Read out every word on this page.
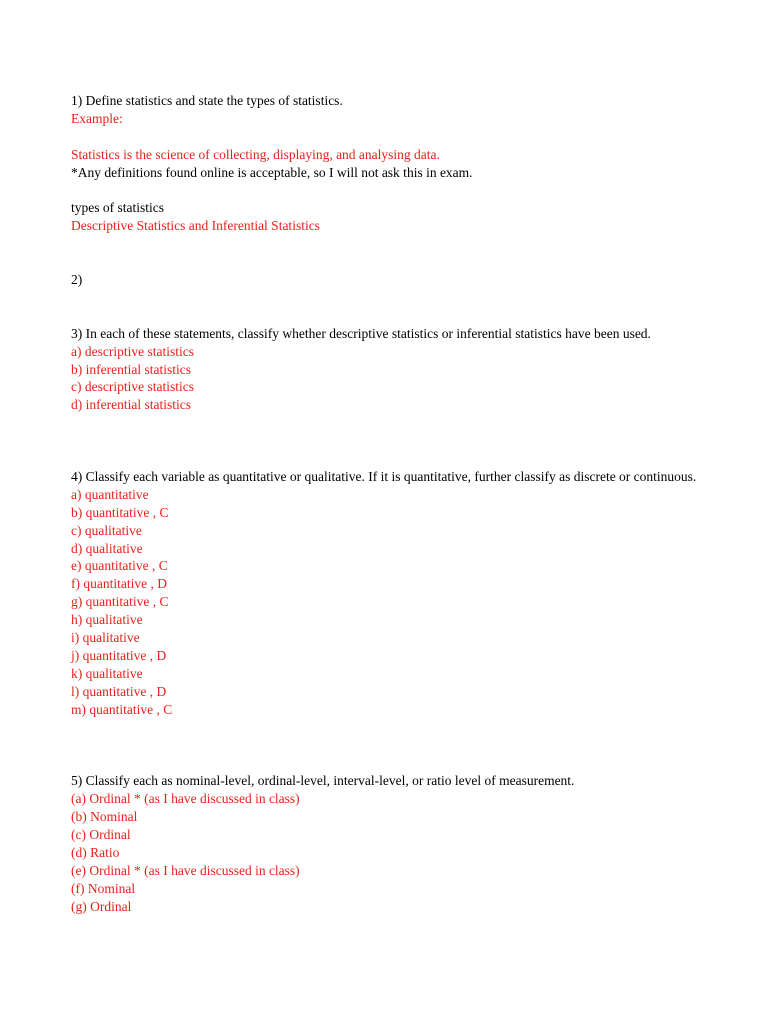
1) Define statistics and state the types of statistics.
Example:
Statistics is the science of collecting, displaying, and analysing data.
*Any definitions found online is acceptable, so I will not ask this in exam.
types of statistics
Descriptive Statistics and Inferential Statistics
2)
3) In each of these statements, classify whether descriptive statistics or inferential statistics have been used.
a) descriptive statistics
b) inferential statistics
c) descriptive statistics
d) inferential statistics
4) Classify each variable as quantitative or qualitative. If it is quantitative, further classify as discrete or continuous.
a) quantitative
b) quantitative , C
c) qualitative
d) qualitative
e) quantitative , C
f) quantitative , D
g) quantitative , C
h) qualitative
i) qualitative
j) quantitative , D
k) qualitative
l) quantitative , D
m) quantitative , C
5) Classify each as nominal-level, ordinal-level, interval-level, or ratio level of measurement.
(a) Ordinal * (as I have discussed in class)
(b) Nominal
(c) Ordinal
(d) Ratio
(e) Ordinal * (as I have discussed in class)
(f) Nominal
(g) Ordinal
